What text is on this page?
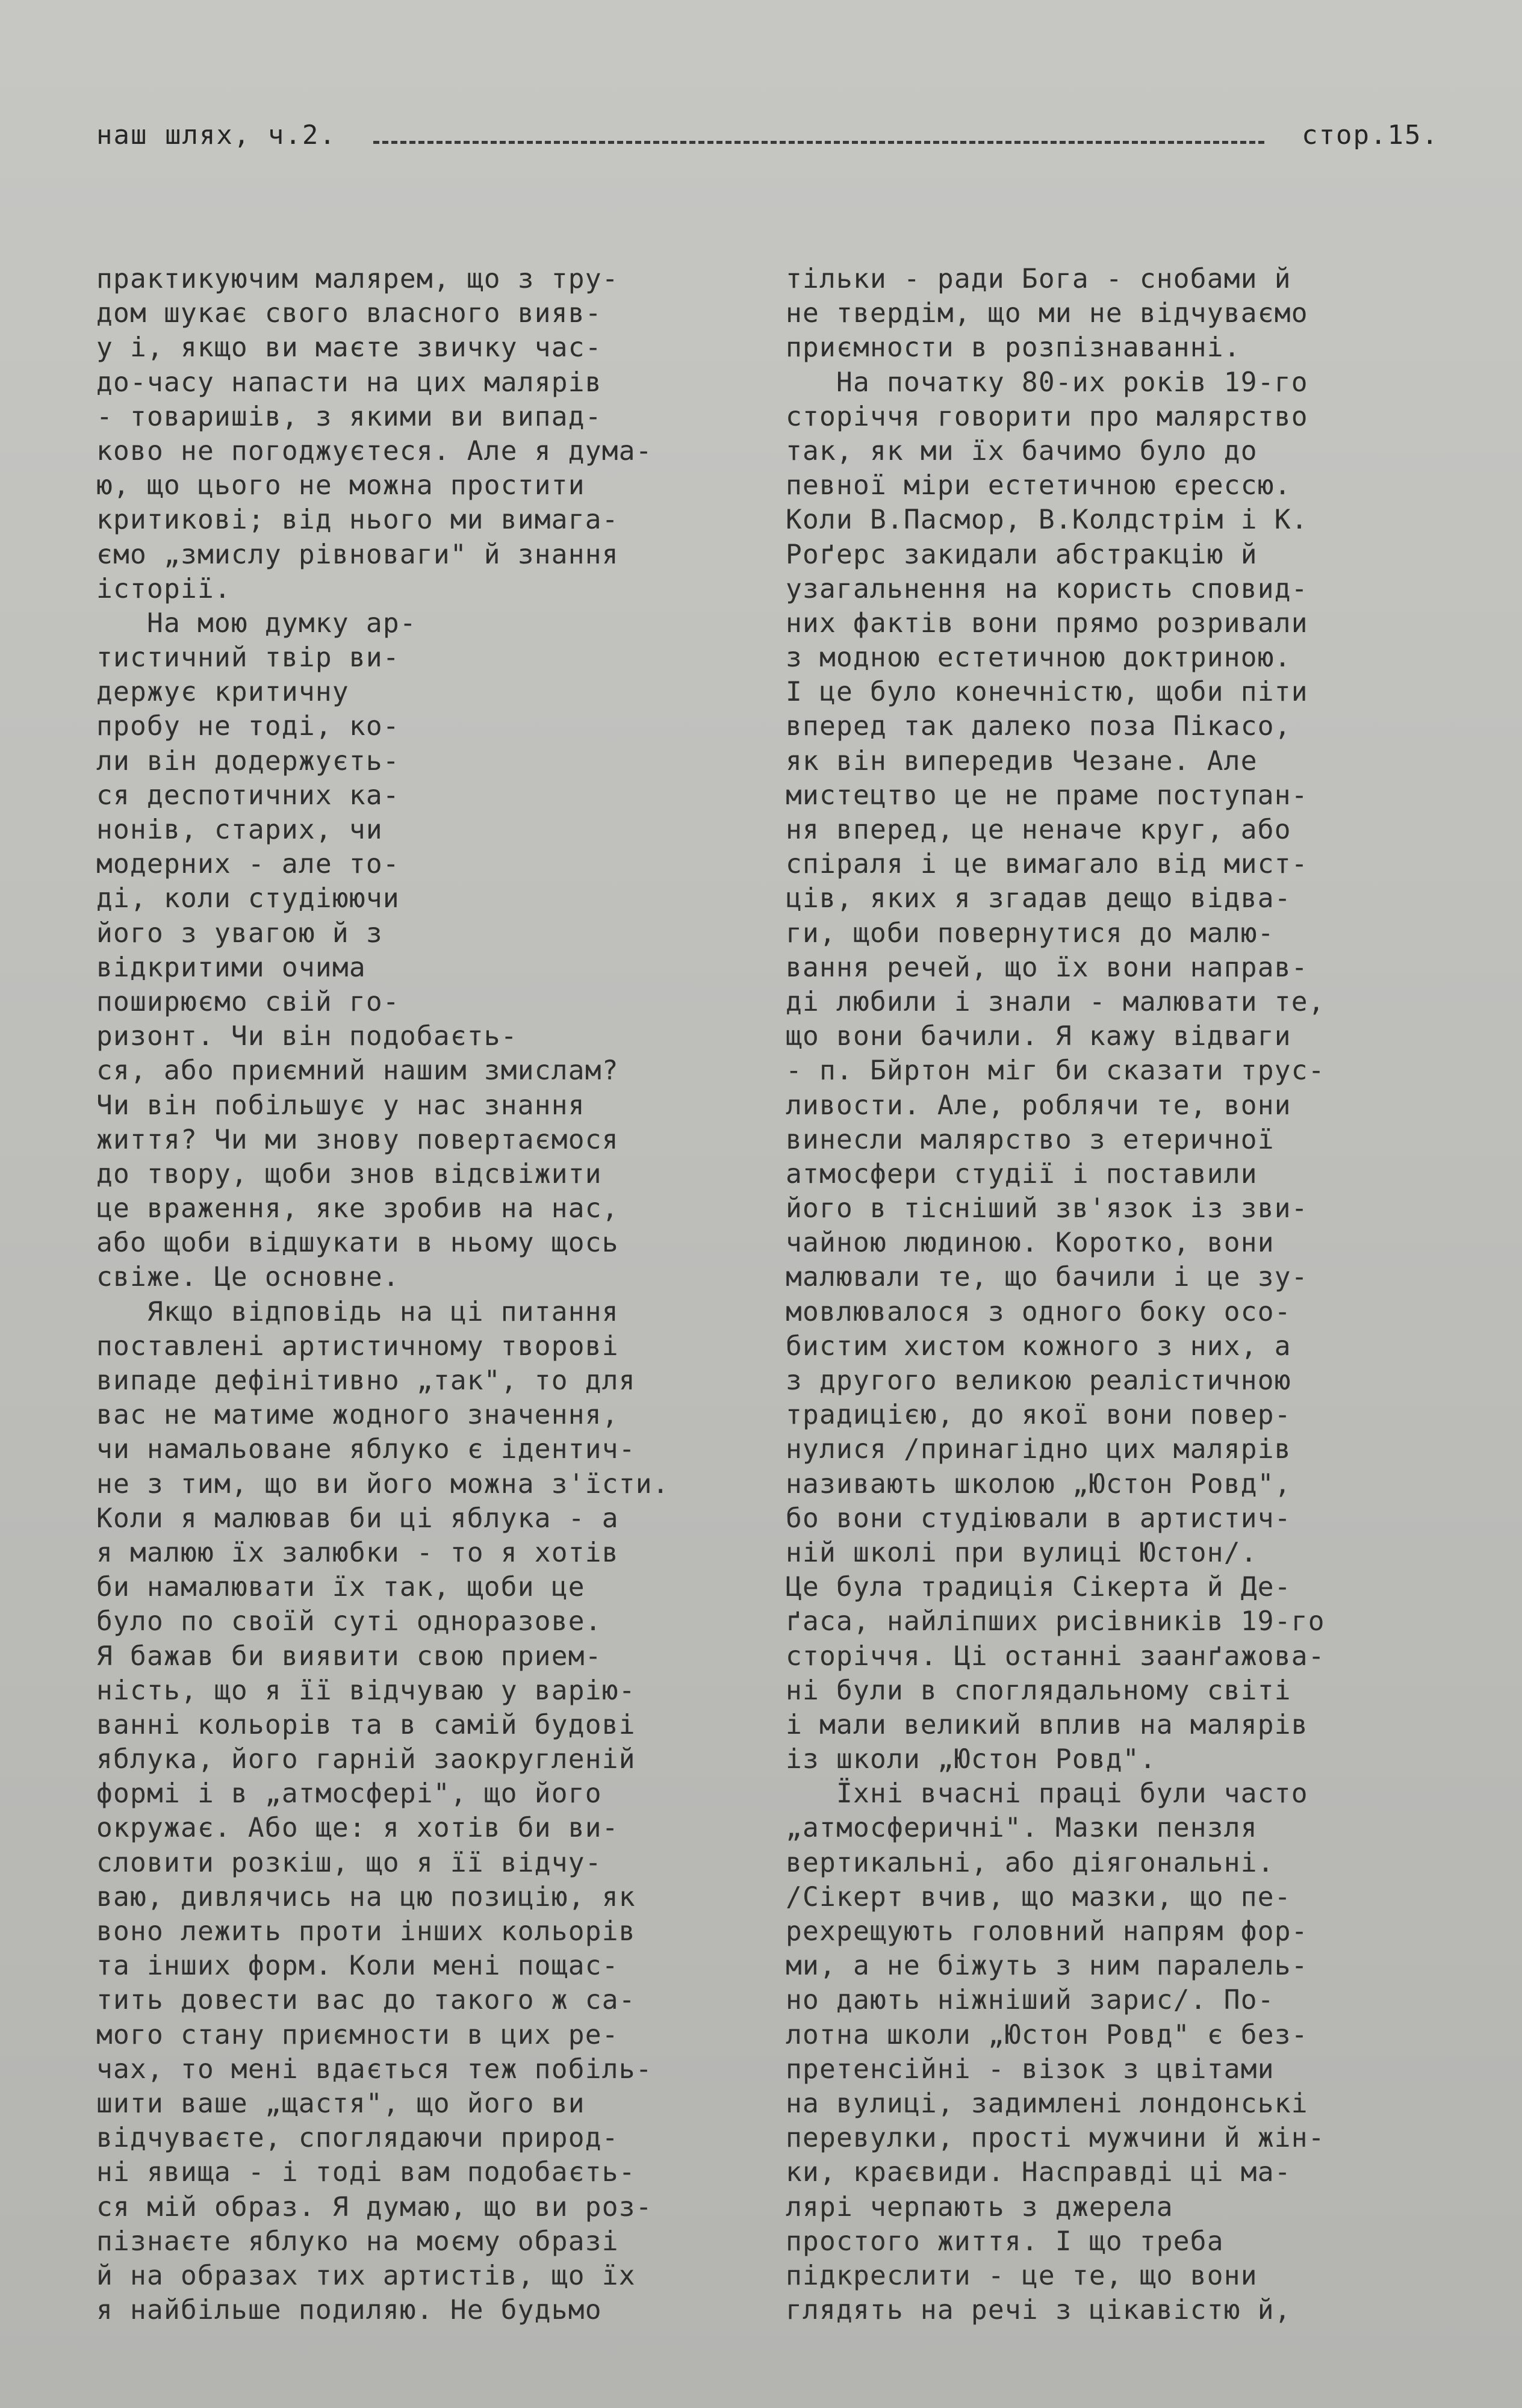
наш шлях, ч.2.	стор.15.
практикуючим малярем, що з тру-
дом шукає свого власного вияв-
у і, якщо ви маєте звичку час-
до-часу напасти на цих малярів
- товаришів, з якими ви випад-
ково не погоджуєтеся. Але я дума-
ю, що цього не можна простити
критикові; від нього ми вимага-
ємо „змислу рівноваги" й знання
історії.
На мою думку ар-
тистичний твір ви-
держує критичну
пробу не тоді, ко-
ли він додержуєть-
ся деспотичних ка-
нонів, старих, чи
модерних - але то-
ді, коли студіюючи
його з увагою й з
відкритими очима
поширюємо свій го-
ризонт. Чи він подобаєть-
ся, або приємний нашим змислам?
Чи він побільшує у нас знання
життя? Чи ми знову повертаємося
до твору, щоби знов відсвіжити
це враження, яке зробив на нас,
або щоби відшукати в ньому щось
свіже. Це основне.
Якщо відповідь на ці питання
поставлені артистичному творові
випаде дефінітивно „так", то для
вас не матиме жодного значення,
чи намальоване яблуко є ідентич-
не з тим, що ви його можна з'їсти.
Коли я малював би ці яблука - а
я малюю їх залюбки - то я хотів
би намалювати їх так, щоби це
було по своїй суті одноразове.
Я бажав би виявити свою прием-
ність, що я її відчуваю у варію-
ванні кольорів та в самій будові
яблука, його гарній заокругленій
формі і в „атмосфері", що його
окружає. Або ще: я хотів би ви-
словити розкіш, що я її відчу-
ваю, дивлячись на цю позицію, як
воно лежить проти інших кольорів
та інших форм. Коли мені пощас-
тить довести вас до такого ж са-
мого стану приємности в цих ре-
чах, то мені вдається теж побіль-
шити ваше „щастя", що його ви
відчуваєте, споглядаючи природ-
ні явища - і тоді вам подобаєть-
ся мій образ. Я думаю, що ви роз-
пізнаєте яблуко на моєму образі
й на образах тих артистів, що їх
я найбільше подиляю. Не будьмо
тільки - ради Бога - снобами й
не твердім, що ми не відчуваємо
приємности в розпізнаванні.
На початку 80-их років 19-го
сторіччя говорити про малярство
так, як ми їх бачимо було до
певної міри естетичною єрессю.
Коли В.Пасмор, В.Колдстрім і К.
Роґерс закидали абстракцію й
узагальнення на користь сповид-
них фактів вони прямо розривали
з модною естетичною доктриною.
І це було конечністю, щоби піти
вперед так далеко поза Пікасо,
як він випередив Чезане. Але
мистецтво це не праме поступан-
ня вперед, це неначе круг, або
спіраля і це вимагало від мист-
ців, яких я згадав дещо відва-
ги, щоби повернутися до малю-
вання речей, що їх вони направ-
ді любили і знали - малювати те,
що вони бачили. Я кажу відваги
- п. Бйртон міг би сказати трус-
ливости. Але, роблячи те, вони
винесли малярство з етеричної
атмосфери студії і поставили
його в тісніший зв'язок із зви-
чайною людиною. Коротко, вони
малювали те, що бачили і це зу-
мовлювалося з одного боку осо-
бистим хистом кожного з них, а
з другого великою реалістичною
традицією, до якої вони повер-
нулися /принагідно цих малярів
називають школою „Юстон Ровд",
бо вони студіювали в артистич-
ній школі при вулиці Юстон/.
Це була традиція Сікерта й Де-
ґаса, найліпших рисівників 19-го
сторіччя. Ці останні заанґажова-
ні були в споглядальному світі
і мали великий вплив на малярів
із школи „Юстон Ровд".
Їхні вчасні праці були часто
„атмосферичні". Мазки пензля
вертикальні, або діягональні.
/Сікерт вчив, що мазки, що пе-
рехрещують головний напрям фор-
ми, а не біжуть з ним паралель-
но дають ніжніший зарис/. По-
лотна школи „Юстон Ровд" є без-
претенсійні - візок з цвітами
на вулиці, задимлені лондонські
перевулки, прості мужчини й жін-
ки, краєвиди. Насправді ці ма-
лярі черпають з джерела
простого життя. І що треба
підкреслити - це те, що вони
глядять на речі з цікавістю й,
